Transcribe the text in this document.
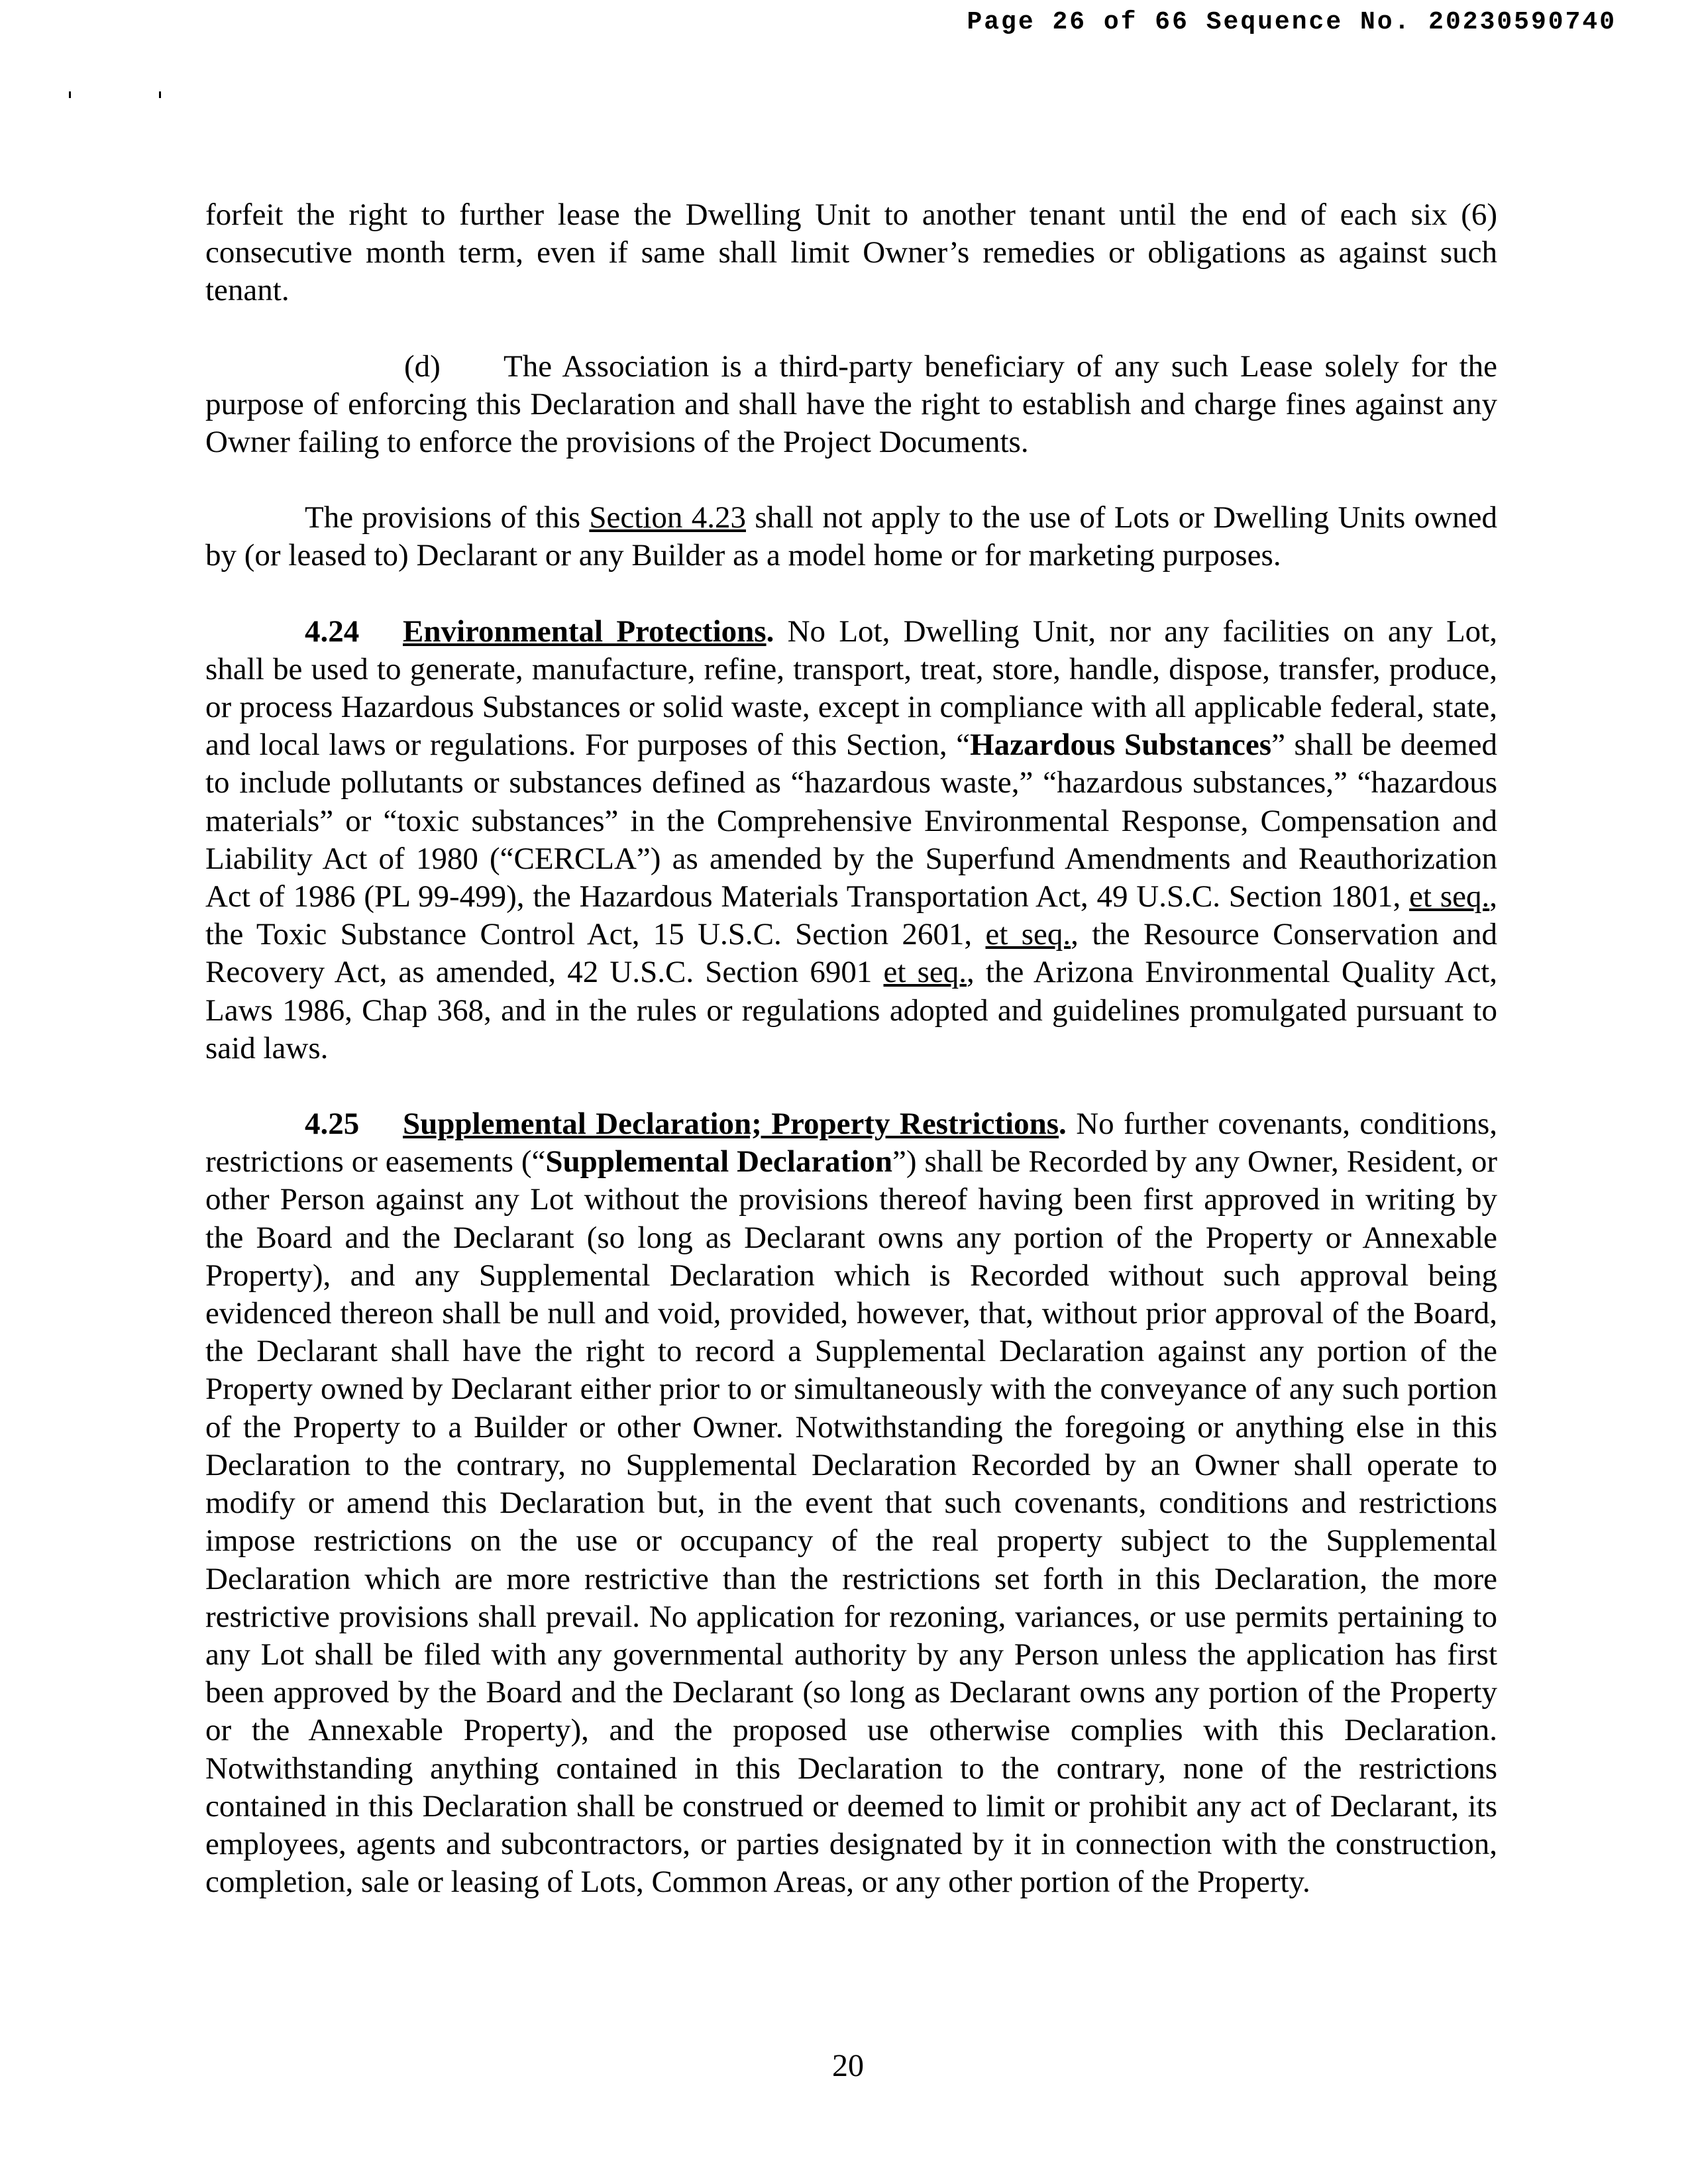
Page 26 of 66 Sequence No. 20230590740

forfeit the right to further lease the Dwelling Unit to another tenant until the end of each six (6) consecutive month term, even if same shall limit Owner’s remedies or obligations as against such tenant.

(d) The Association is a third-party beneficiary of any such Lease solely for the purpose of enforcing this Declaration and shall have the right to establish and charge fines against any Owner failing to enforce the provisions of the Project Documents.

The provisions of this Section 4.23 shall not apply to the use of Lots or Dwelling Units owned by (or leased to) Declarant or any Builder as a model home or for marketing purposes.

4.24 Environmental Protections. No Lot, Dwelling Unit, nor any facilities on any Lot, shall be used to generate, manufacture, refine, transport, treat, store, handle, dispose, transfer, produce, or process Hazardous Substances or solid waste, except in compliance with all applicable federal, state, and local laws or regulations. For purposes of this Section, “Hazardous Substances” shall be deemed to include pollutants or substances defined as “hazardous waste,” “hazardous substances,” “hazardous materials” or “toxic substances” in the Comprehensive Environmental Response, Compensation and Liability Act of 1980 (“CERCLA”) as amended by the Superfund Amendments and Reauthorization Act of 1986 (PL 99-499), the Hazardous Materials Transportation Act, 49 U.S.C. Section 1801, et seq., the Toxic Substance Control Act, 15 U.S.C. Section 2601, et seq., the Resource Conservation and Recovery Act, as amended, 42 U.S.C. Section 6901 et seq., the Arizona Environmental Quality Act, Laws 1986, Chap 368, and in the rules or regulations adopted and guidelines promulgated pursuant to said laws.

4.25 Supplemental Declaration; Property Restrictions. No further covenants, conditions, restrictions or easements (“Supplemental Declaration”) shall be Recorded by any Owner, Resident, or other Person against any Lot without the provisions thereof having been first approved in writing by the Board and the Declarant (so long as Declarant owns any portion of the Property or Annexable Property), and any Supplemental Declaration which is Recorded without such approval being evidenced thereon shall be null and void, provided, however, that, without prior approval of the Board, the Declarant shall have the right to record a Supplemental Declaration against any portion of the Property owned by Declarant either prior to or simultaneously with the conveyance of any such portion of the Property to a Builder or other Owner. Notwithstanding the foregoing or anything else in this Declaration to the contrary, no Supplemental Declaration Recorded by an Owner shall operate to modify or amend this Declaration but, in the event that such covenants, conditions and restrictions impose restrictions on the use or occupancy of the real property subject to the Supplemental Declaration which are more restrictive than the restrictions set forth in this Declaration, the more restrictive provisions shall prevail. No application for rezoning, variances, or use permits pertaining to any Lot shall be filed with any governmental authority by any Person unless the application has first been approved by the Board and the Declarant (so long as Declarant owns any portion of the Property or the Annexable Property), and the proposed use otherwise complies with this Declaration. Notwithstanding anything contained in this Declaration to the contrary, none of the restrictions contained in this Declaration shall be construed or deemed to limit or prohibit any act of Declarant, its employees, agents and subcontractors, or parties designated by it in connection with the construction, completion, sale or leasing of Lots, Common Areas, or any other portion of the Property.

20
